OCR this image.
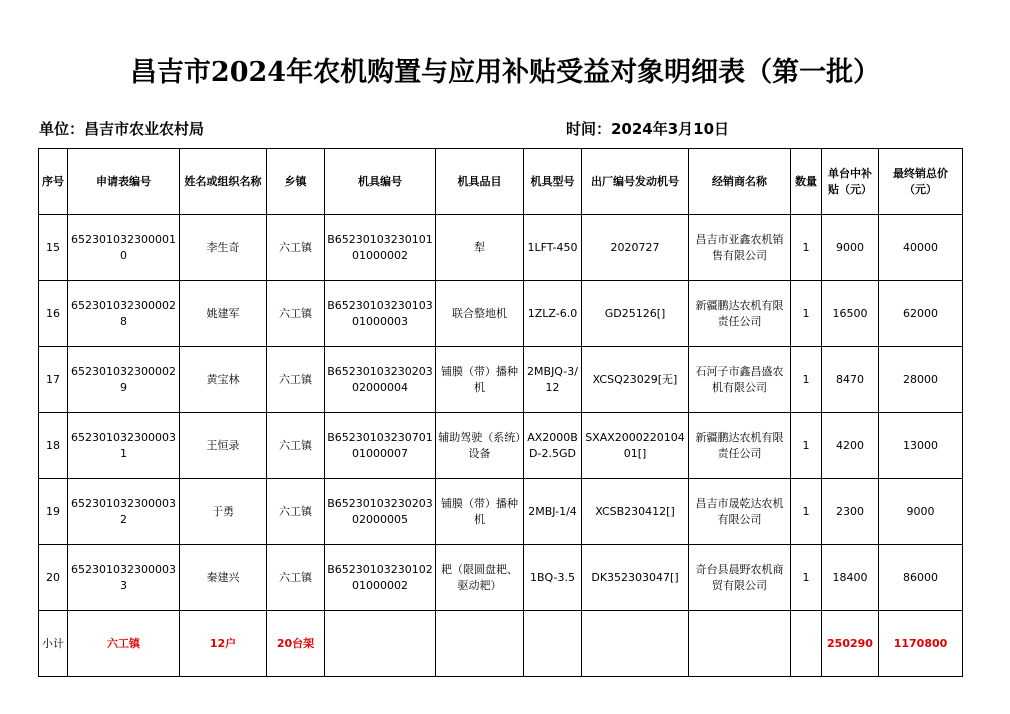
昌吉市2024年农机购置与应用补贴受益对象明细表（第一批）
单位：昌吉市农业农村局	时间：2024年3月10日
序号	申请表编号	姓名或组织名称	乡镇	机具编号	机具品目	机具型号	出厂编号发动机号	经销商名称	数量	单台中补贴（元）	最终销总价（元）
15	6523010323000010	李生奇	六工镇	B6523010323010101000002	犁	1LFT-450	2020727	昌吉市亚鑫农机销售有限公司	1	9000	40000
16	6523010323000028	姚建军	六工镇	B6523010323010301000003	联合整地机	1ZLZ-6.0	GD25126[]	新疆鹏达农机有限责任公司	1	16500	62000
17	6523010323000029	黄宝林	六工镇	B6523010323020302000004	铺膜（带）播种机	2MBJQ-3/12	XCSQ23029[无]	石河子市鑫昌盛农机有限公司	1	8470	28000
18	6523010323000031	王恒录	六工镇	B6523010323070101000007	辅助驾驶（系统）设备	AX2000BD-2.5GD	SXAX200022010401[]	新疆鹏达农机有限责任公司	1	4200	13000
19	6523010323000032	于勇	六工镇	B6523010323020302000005	铺膜（带）播种机	2MBJ-1/4	XCSB230412[]	昌吉市晟乾达农机有限公司	1	2300	9000
20	6523010323000033	秦建兴	六工镇	B6523010323010201000002	耙（限圆盘耙、驱动耙）	1BQ-3.5	DK352303047[]	奇台县晨野农机商贸有限公司	1	18400	86000
小计	六工镇	12户	20台架							250290	1170800
